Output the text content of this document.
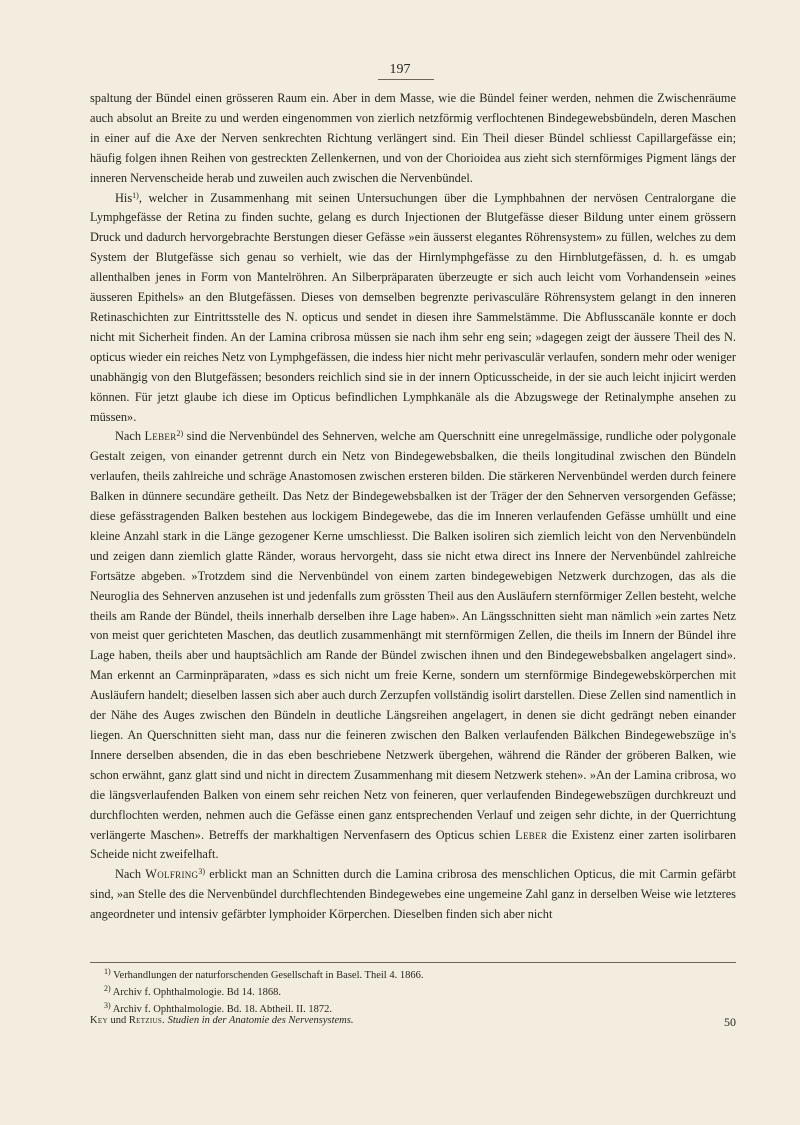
197

spaltung der Bündel einen grösseren Raum ein. Aber in dem Masse, wie die Bündel feiner werden, nehmen die Zwischenräume auch absolut an Breite zu und werden eingenommen von zierlich netzförmig verflochtenen Bindegewebsbündeln, deren Maschen in einer auf die Axe der Nerven senkrechten Richtung verlängert sind. Ein Theil dieser Bündel schliesst Capillargefässe ein; häufig folgen ihnen Reihen von gestreckten Zellenkernen, und von der Chorioidea aus zieht sich sternförmiges Pigment längs der inneren Nervenscheide herab und zuweilen auch zwischen die Nervenbündel.

His$^{1)}$, welcher in Zusammenhang mit seinen Untersuchungen über die Lymphbahnen der nervösen Centralorgane die Lymphgefässe der Retina zu finden suchte, gelang es durch Injectionen der Blutgefässe dieser Bildung unter einem grössern Druck und dadurch hervorgebrachte Berstungen dieser Gefässe »ein äusserst elegantes Röhrensystem» zu füllen, welches zu dem System der Blutgefässe sich genau so verhielt, wie das der Hirnlymphgefässe zu den Hirnblutgefässen, d. h. es umgab allenthalben jenes in Form von Mantelröhren. An Silberpräparaten überzeugte er sich auch leicht vom Vorhandensein »eines äusseren Epithels» an den Blutgefässen. Dieses von demselben begrenzte perivasculäre Röhrensystem gelangt in den inneren Retinaschichten zur Eintrittsstelle des N. opticus und sendet in diesen ihre Sammelstämme. Die Abflusscanäle konnte er doch nicht mit Sicherheit finden. An der Lamina cribrosa müssen sie nach ihm sehr eng sein; »dagegen zeigt der äussere Theil des N. opticus wieder ein reiches Netz von Lymphgefässen, die indess hier nicht mehr perivasculär verlaufen, sondern mehr oder weniger unabhängig von den Blutgefässen; besonders reichlich sind sie in der innern Opticusscheide, in der sie auch leicht injicirt werden können. Für jetzt glaube ich diese im Opticus befindlichen Lymphkanäle als die Abzugswege der Retinalymphe ansehen zu müssen».

Nach Leber$^{2)}$ sind die Nervenbündel des Sehnerven, welche am Querschnitt eine unregelmässige, rundliche oder polygonale Gestalt zeigen, von einander getrennt durch ein Netz von Bindegewebsbalken, die theils longitudinal zwischen den Bündeln verlaufen, theils zahlreiche und schräge Anastomosen zwischen ersteren bilden. Die stärkeren Nervenbündel werden durch feinere Balken in dünnere secundäre getheilt. Das Netz der Bindegewebsbalken ist der Träger der den Sehnerven versorgenden Gefässe; diese gefässtragenden Balken bestehen aus lockigem Bindegewebe, das die im Inneren verlaufenden Gefässe umhüllt und eine kleine Anzahl stark in die Länge gezogener Kerne umschliesst. Die Balken isoliren sich ziemlich leicht von den Nervenbündeln und zeigen dann ziemlich glatte Ränder, woraus hervorgeht, dass sie nicht etwa direct ins Innere der Nervenbündel zahlreiche Fortsätze abgeben. »Trotzdem sind die Nervenbündel von einem zarten bindegewebigen Netzwerk durchzogen, das als die Neuroglia des Sehnerven anzusehen ist und jedenfalls zum grössten Theil aus den Ausläufern sternförmiger Zellen besteht, welche theils am Rande der Bündel, theils innerhalb derselben ihre Lage haben». An Längsschnitten sieht man nämlich »ein zartes Netz von meist quer gerichteten Maschen, das deutlich zusammenhängt mit sternförmigen Zellen, die theils im Innern der Bündel ihre Lage haben, theils aber und hauptsächlich am Rande der Bündel zwischen ihnen und den Bindegewebsbalken angelagert sind». Man erkennt an Carminpräparaten, »dass es sich nicht um freie Kerne, sondern um sternförmige Bindegewebskörperchen mit Ausläufern handelt; dieselben lassen sich aber auch durch Zerzupfen vollständig isolirt darstellen. Diese Zellen sind namentlich in der Nähe des Auges zwischen den Bündeln in deutliche Längsreihen angelagert, in denen sie dicht gedrängt neben einander liegen. An Querschnitten sieht man, dass nur die feineren zwischen den Balken verlaufenden Bälkchen Bindegewebszüge in's Innere derselben absenden, die in das eben beschriebene Netzwerk übergehen, während die Ränder der gröberen Balken, wie schon erwähnt, ganz glatt sind und nicht in directem Zusammenhang mit diesem Netzwerk stehen». »An der Lamina cribrosa, wo die längsverlaufenden Balken von einem sehr reichen Netz von feineren, quer verlaufenden Bindegewebszügen durchkreuzt und durchflochten werden, nehmen auch die Gefässe einen ganz entsprechenden Verlauf und zeigen sehr dichte, in der Querrichtung verlängerte Maschen». Betreffs der markhaltigen Nervenfasern des Opticus schien Leber die Existenz einer zarten isolirbaren Scheide nicht zweifelhaft.

Nach Wolfring$^{3)}$ erblickt man an Schnitten durch die Lamina cribrosa des menschlichen Opticus, die mit Carmin gefärbt sind, »an Stelle des die Nervenbündel durchflechtenden Bindegewebes eine ungemeine Zahl ganz in derselben Weise wie letzteres angeordneter und intensiv gefärbter lymphoider Körperchen. Dieselben finden sich aber nicht

$^{1)}$ Verhandlungen der naturforschenden Gesellschaft in Basel. Theil 4. 1866.

$^{2)}$ Archiv f. Ophthalmologie. Bd 14. 1868.

$^{3)}$ Archiv f. Ophthalmologie. Bd. 18. Abtheil. II. 1872.

Key und Retzius. Studien in der Anatomie des Nervensystems.	50
